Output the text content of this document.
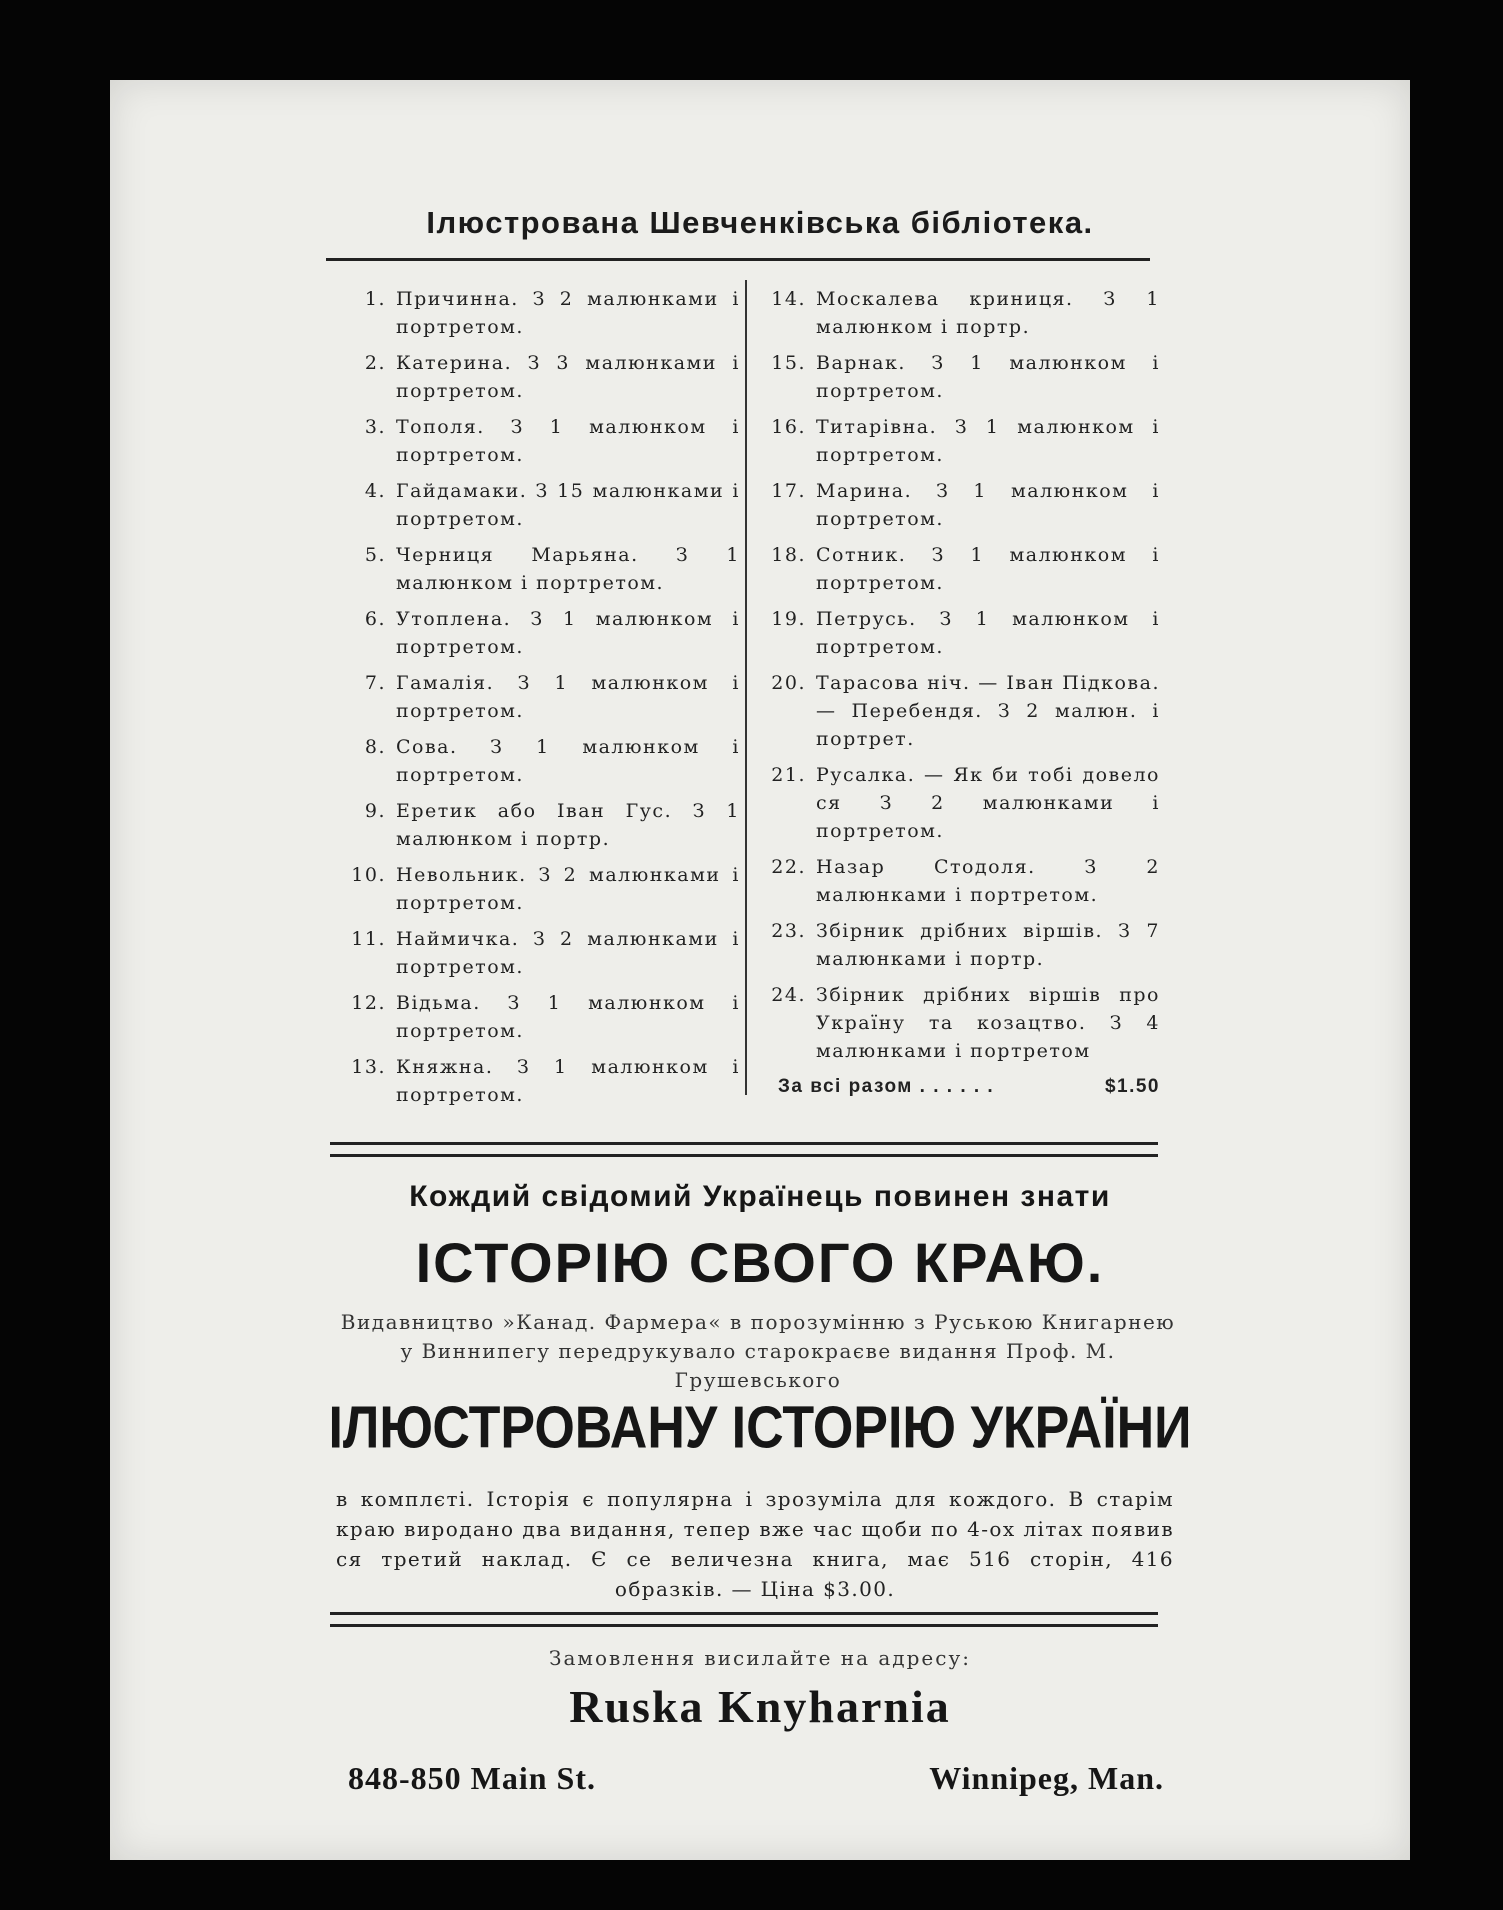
Ілюстрована Шевченківська бібліотека.
1. Причинна. З 2 малюнками і портретом.
2. Катерина. З 3 малюнками і портретом.
3. Тополя. З 1 малюнком і портретом.
4. Гайдамаки. З 15 малюнками і портретом.
5. Черниця Марьяна. З 1 малюнком і портретом.
6. Утоплена. З 1 малюнком і портретом.
7. Гамалія. З 1 малюнком і портретом.
8. Сова. З 1 малюнком і портретом.
9. Еретик або Іван Гус. З 1 малюнком і портр.
10. Невольник. З 2 малюнками і портретом.
11. Наймичка. З 2 малюнками і портретом.
12. Відьма. З 1 малюнком і портретом.
13. Княжна. З 1 малюнком і портретом.
14. Москалева криниця. З 1 малюнком і портр.
15. Варнак. З 1 малюнком і портретом.
16. Титарівна. З 1 малюнком і портретом.
17. Марина. З 1 малюнком і портретом.
18. Сотник. З 1 малюнком і портретом.
19. Петрусь. З 1 малюнком і портретом.
20. Тарасова ніч. — Іван Підкова. — Перебендя. З 2 малюн. і портрет.
21. Русалка. — Як би тобі довело ся З 2 малюнками і портретом.
22. Назар Стодоля. З 2 малюнками і портретом.
23. Збірник дрібних віршів. З 7 малюнками і портр.
24. Збірник дрібних віршів про Україну та козацтво. З 4 малюнками і портретом
За всі разом . . . . . .	$1.50
Кождий свідомий Українець повинен знати
ІСТОРІЮ СВОГО КРАЮ.
Видавництво »Канад. Фармера« в порозумінню з Руською Книгарнею у Виннипегу передрукувало старокраєве видання Проф. М. Грушевського
ІЛЮСТРОВАНУ ІСТОРІЮ УКРАЇНИ
в комплєті. Історія є популярна і зрозуміла для кождого. В старім краю виродано два видання, тепер вже час щоби по 4-ох літах появив ся третий наклад. Є се величезна книга, має 516 сторін, 416 образків. — Ціна $3.00.
Замовлення висилайте на адресу:
Ruska Knyharnia
848-850 Main St.	Winnipeg, Man.
